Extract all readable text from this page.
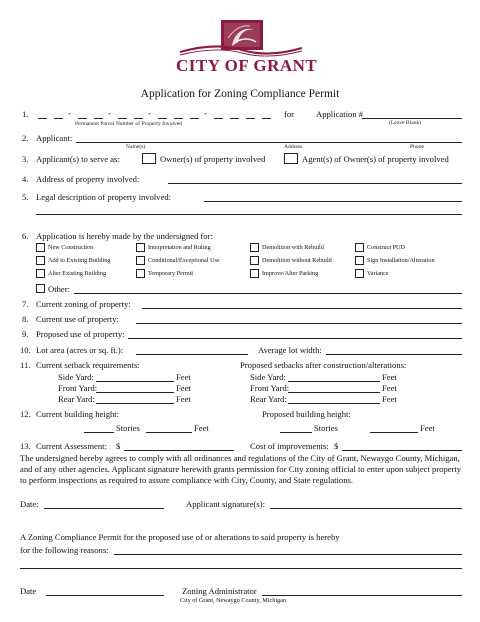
CITY OF GRANT
Application for Zoning Compliance Permit
1.	-	-	-	-	for	Application #
Permanent Parcel Number of Property Involved	(Leave Blank)
2. Applicant:
Name(s)	Address	Phone
3. Applicant(s) to serve as:	Owner(s) of property involved	Agent(s) of Owner(s) of property involved
4. Address of property involved:
5. Legal description of property involved:
6. Application is hereby made by the undersigned for:
New Construction	Interpretation and Ruling	Demolition with Rebuild	Construct PUD
Add to Existing Building	Conditional/Exceptional Use	Demolition without Rebuild	Sign Installation/Alteration
Alter Existing Building	Temporary Permit	Improve/Alter Parking	Variance
Other:
7. Current zoning of property:
8. Current use of property:
9. Proposed use of property:
10. Lot area (acres or sq. ft.):	Average lot width:
11. Current setback requirements:	Proposed setbacks after construction/alterations:
Side Yard:	Feet
Front Yard:	Feet
Rear Yard:	Feet
Side Yard:	Feet
Front Yard:	Feet
Rear Yard:	Feet
12. Current building height:	Proposed building height:
Stories	Feet	Stories	Feet
13. Current Assessment: $	Cost of improvements: $
The undersigned hereby agrees to comply with all ordinances and regulations of the City of Grant, Newaygo County, Michigan,
and of any other agencies. Applicant signature herewith grants permission for City zoning official to enter upon subject property
to perform inspections as required to assure compliance with City, County, and State regulations.
Date:	Applicant signature(s):
A Zoning Compliance Permit for the proposed use of or alterations to said property is hereby
for the following reasons:
Date	Zoning Administrator
City of Grant, Newaygo County, Michigan
